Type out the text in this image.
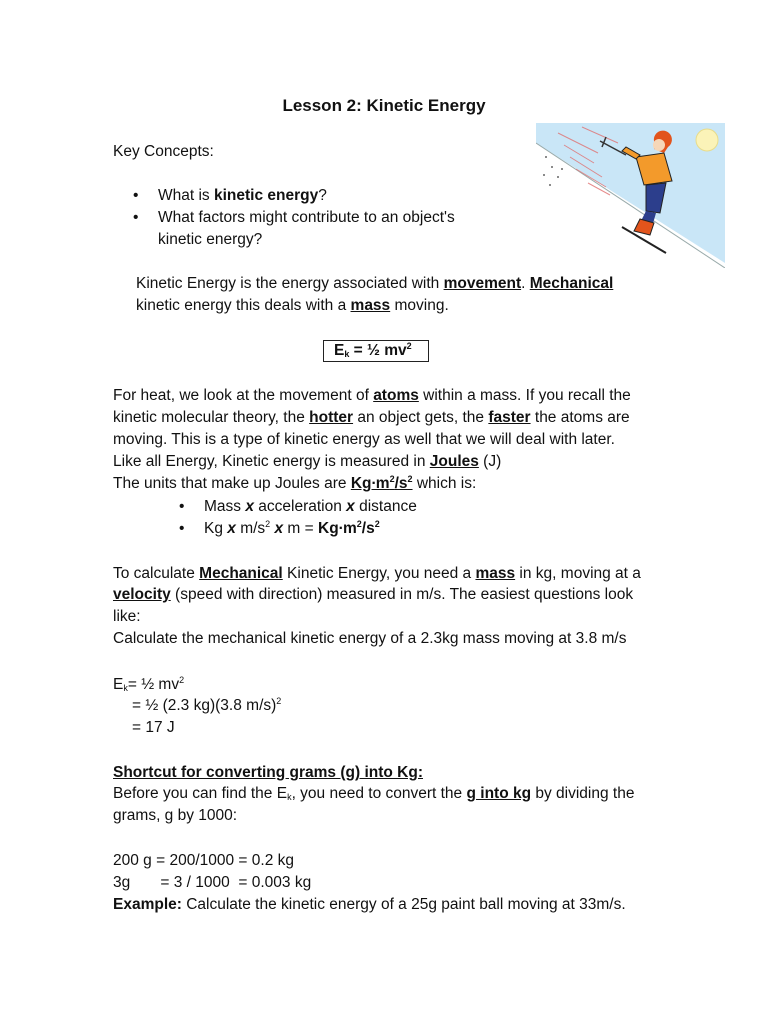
Lesson 2: Kinetic Energy
Key Concepts:
• What is kinetic energy?
• What factors might contribute to an object's
kinetic energy?
Kinetic Energy is the energy associated with movement. Mechanical
kinetic energy this deals with a mass moving.
$E_k$ = ½ $mv^2$
For heat, we look at the movement of atoms within a mass. If you recall the
kinetic molecular theory, the hotter an object gets, the faster the atoms are
moving. This is a type of kinetic energy as well that we will deal with later.
Like all Energy, Kinetic energy is measured in Joules (J)
The units that make up Joules are $Kg\cdot m^2/s^2$ which is:
• Mass x acceleration x distance
• Kg x $m/s^2$ x $m = Kg\cdot m^2/s^2$
To calculate Mechanical Kinetic Energy, you need a mass in kg, moving at a
velocity (speed with direction) measured in m/s. The easiest questions look
like:
Calculate the mechanical kinetic energy of a 2.3kg mass moving at 3.8 m/s
$E_k=$ ½ $mv^2$
= ½ (2.3 kg)(3.8 m/s)$^2$
= 17 J
Shortcut for converting grams (g) into Kg:
Before you can find the $E_k$, you need to convert the g into kg by dividing the
grams, g by 1000:
200 g = 200/1000 = 0.2 kg
3g       = 3 / 1000  = 0.003 kg
Example: Calculate the kinetic energy of a 25g paint ball moving at 33m/s.
